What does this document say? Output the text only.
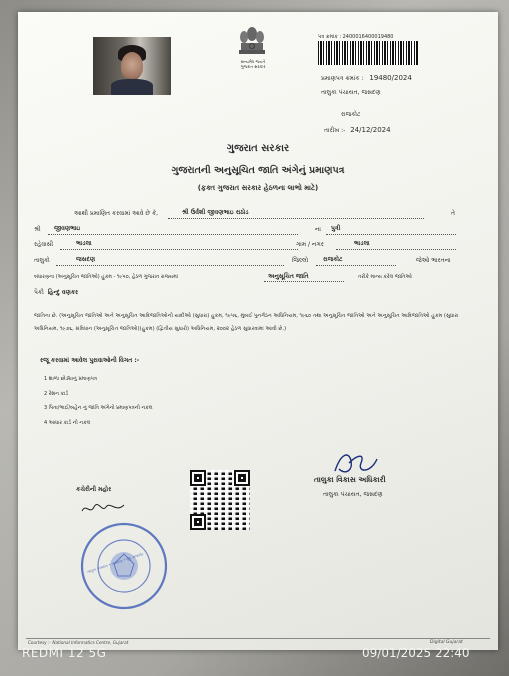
સત્યમેવ જયતે
ગુજરાત સરકાર
પત્ર ક્રમાંક : 2400016400019480
પ્રમાણપત્ર ક્રમાંક : 19480/2024
તાલુકા પંચાયત, જસદણ
રાજકોટ
તારીખ :- 24/12/2024
ગુજરાત સરકાર
ગુજરાતની અનુસૂચિત જાતિ અંગેનું પ્રમાણપત્ર
(ફક્ત ગુજરાત સરકાર હેઠળના લાભો માટે)
આથી પ્રમાણિત કરવામાં આવે છે કે,	શ્રી ઉર્વશી જીવણભાઇ રાઠોડ	તે
શ્રી જીવણભાઇ	ના પુત્રી
રહેવાસી	ભાડલા	ગામ / નગર	ભાડલા
તાલુકો	જસદણ	જિલ્લો રાજકોટ	જેઓ ભારતના
બંધારણના (અનુસૂચિત જાતિઓ) હુકમ - ૧૯૫૦, હેઠળ ગુજરાત રાજ્યમાં	અનુસૂચિત જાતિ	તરીકે માન્ય કરેલ જાતિઓ
પૈકી હિન્દુ વણકર
જાતિના છે. (અનુસૂચિત જાતિઓ અને અનુસૂચિત આદિજાતિઓની યાદીઓ (સુધારા) હુકમ, ૧૯૫૬, મુંબઈ પુનર્ગઠન અધિનિયમ, ૧૯૬૦ તથા અનુસૂચિત જાતિઓ અને અનુસૂચિત આદિજાતિઓ હુકમ (સુધારા અધિનિયમ, ૧૯૭૬, સંવિધાન (અનુસૂચિત જાતિઓ)(હુકમ) (દ્વિતીય સુધારો) અધિનિયમ, ૨૦૦૨ હેઠળ સુધારવામાં આવી છે.)
રજૂ કરવામાં આવેલ પુરાવાઓની વિગત :-
1 શાળા છોડ્યાનું પ્રમાણપત્ર
2 રેશન કાર્ડ
3 પિતા/ભાઈ/બહેન નું જાતિ અંગેનો પ્રમાણપત્રની નકલ
4 આધાર કાર્ડ ની નકલ
તાલુકા વિકાસ અધિકારી
તાલુકા પંચાયત, જસદણ
કચેરીની મહોર
તાલુકા પંચાયત • જસદણ • જી. રાજકોટ
Courtesy :- National Informatics Centre, Gujarat	Digital Gujarat
REDMI 12 5G	09/01/2025 22:40
